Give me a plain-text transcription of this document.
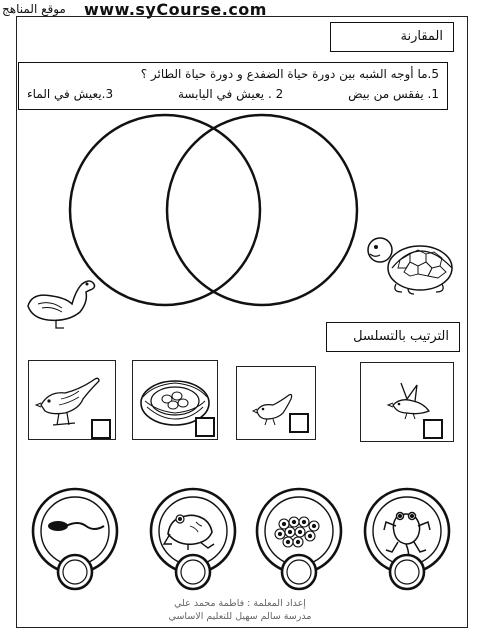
موقع المناهج www.syCourse.com
المقارنة
5.ما أوجه الشبه بين دورة حياة الضفدع و دورة حياة الطائر ؟
1. يفقس من بيض
2 . يعيش في اليابسة
3.يعيش في الماء
الترتيب بالتسلسل
إعداد المعلمة : فاطمة محمد علي
مدرسة سالم سهيل للتعليم الاساسي
